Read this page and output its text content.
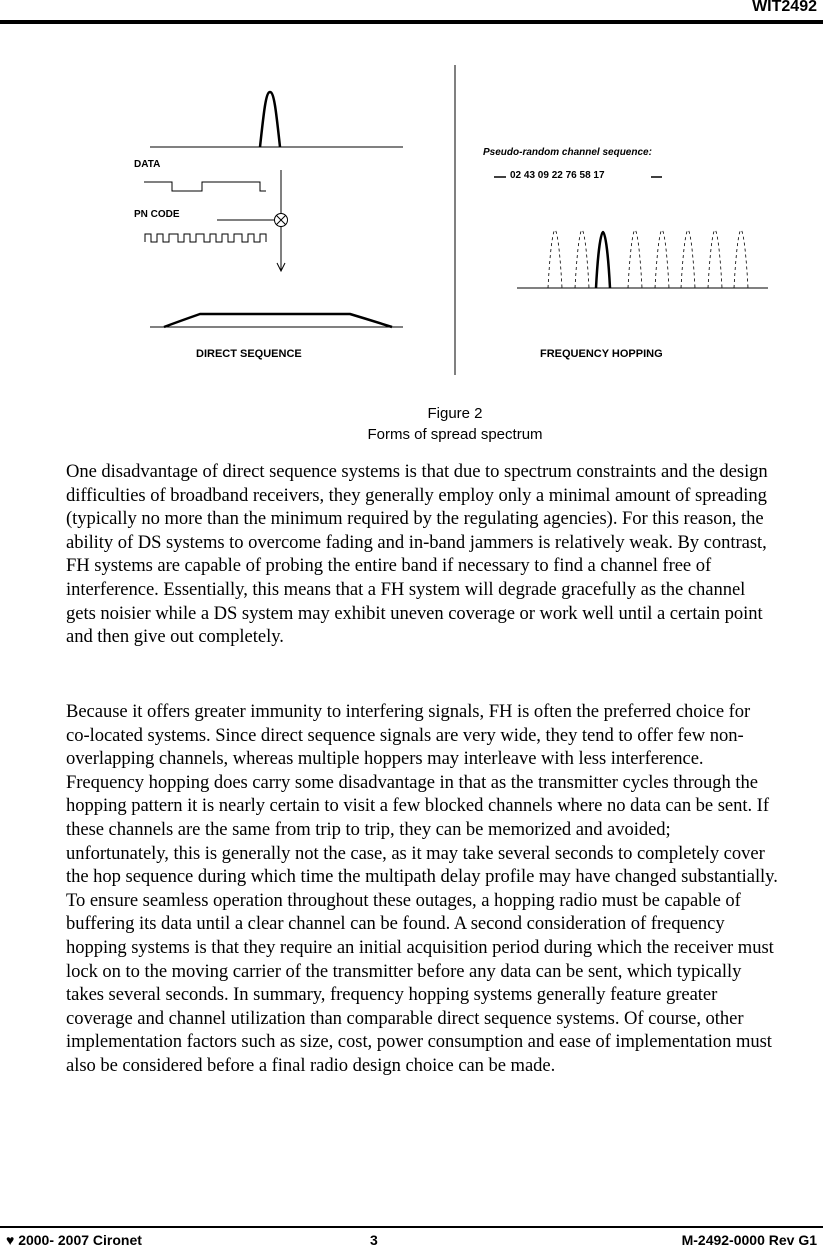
WIT2492
DATA
PN CODE
DIRECT SEQUENCE
Pseudo-random channel sequence:
02 43 09 22 76 58 17
FREQUENCY HOPPING
Figure 2
Forms of spread spectrum

One disadvantage of direct sequence systems is that due to spectrum constraints and the design difficulties of broadband receivers, they generally employ only a minimal amount of spreading (typically no more than the minimum required by the regulating agencies). For this reason, the ability of DS systems to overcome fading and in-band jammers is relatively weak. By contrast, FH systems are capable of probing the entire band if necessary to find a channel free of interference. Essentially, this means that a FH system will degrade gracefully as the channel gets noisier while a DS system may exhibit uneven coverage or work well until a certain point and then give out completely.

Because it offers greater immunity to interfering signals, FH is often the preferred choice for co-located systems. Since direct sequence signals are very wide, they tend to offer few non-overlapping channels, whereas multiple hoppers may interleave with less interference. Frequency hopping does carry some disadvantage in that as the transmitter cycles through the hopping pattern it is nearly certain to visit a few blocked channels where no data can be sent. If these channels are the same from trip to trip, they can be memorized and avoided; unfortunately, this is generally not the case, as it may take several seconds to completely cover the hop sequence during which time the multipath delay profile may have changed substantially. To ensure seamless operation throughout these outages, a hopping radio must be capable of buffering its data until a clear channel can be found. A second consideration of frequency hopping systems is that they require an initial acquisition period during which the receiver must lock on to the moving carrier of the transmitter before any data can be sent, which typically takes several seconds. In summary, frequency hopping systems generally feature greater coverage and channel utilization than comparable direct sequence systems. Of course, other implementation factors such as size, cost, power consumption and ease of implementation must also be considered before a final radio design choice can be made.

♥ 2000- 2007 Cironet	3	M-2492-0000 Rev G1
